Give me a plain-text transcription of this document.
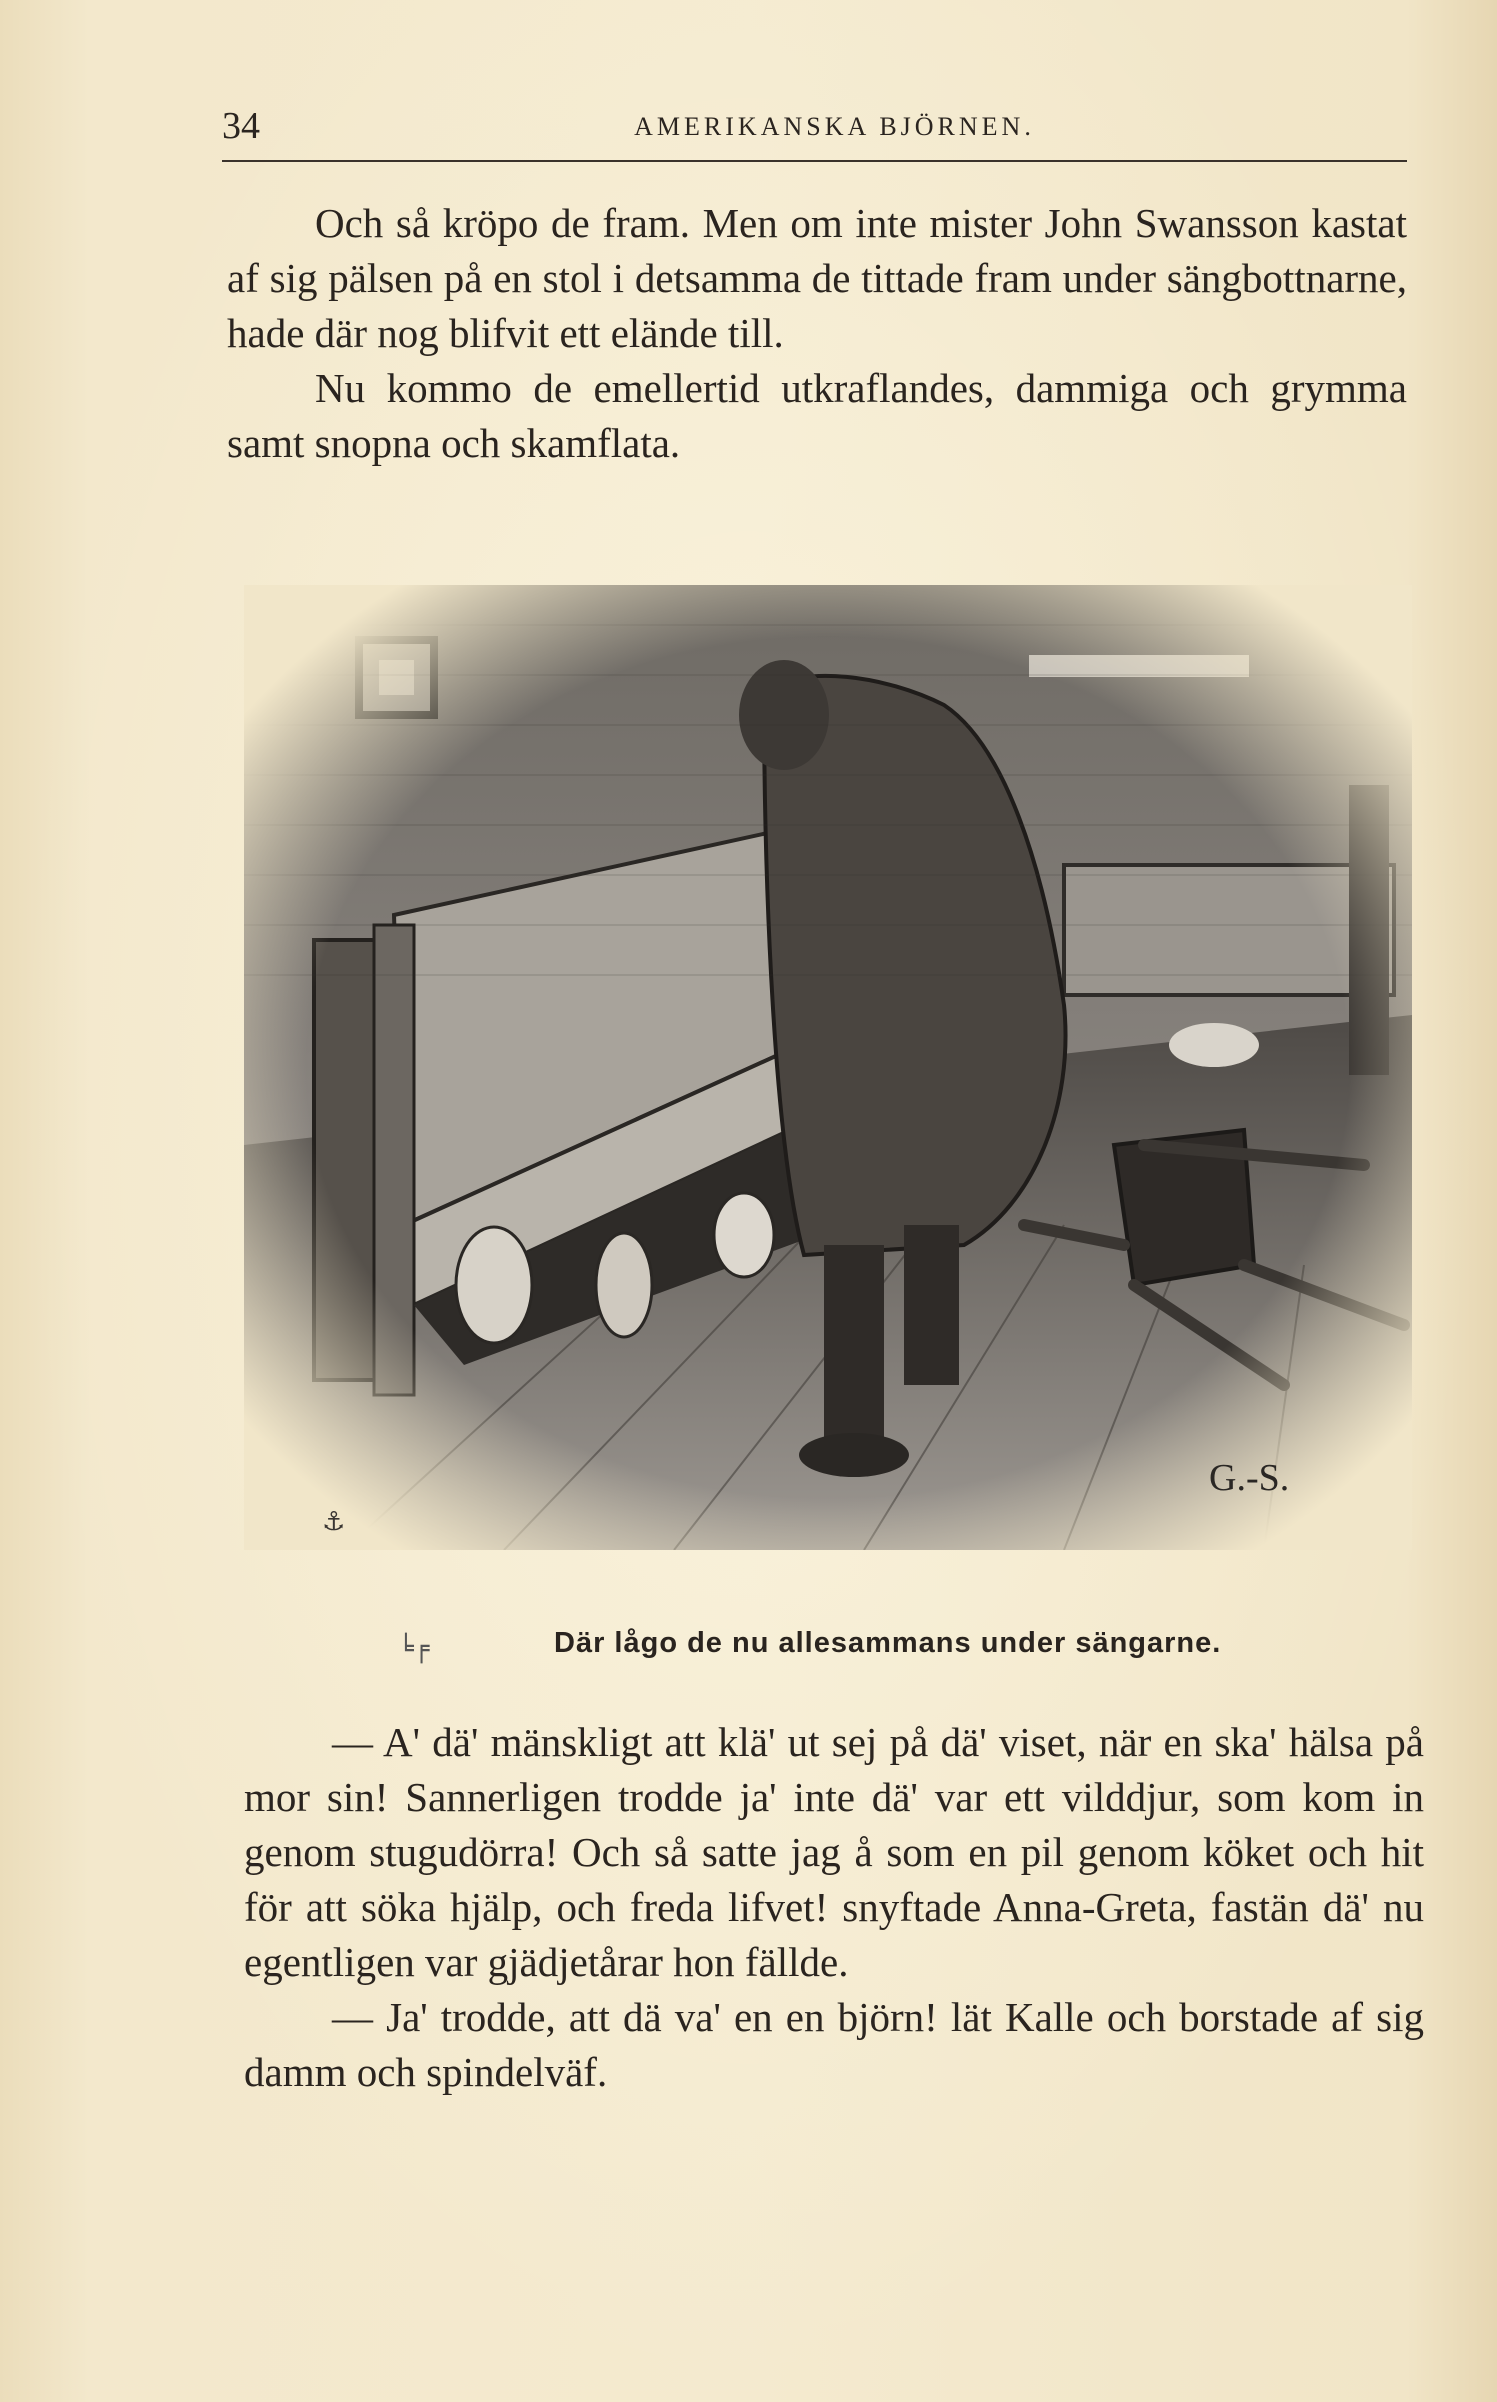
34	AMERIKANSKA BJÖRNEN.

Och så kröpo de fram. Men om inte mister John Swansson kastat af sig pälsen på en stol i detsamma de tittade fram under sängbottnarne, hade där nog blifvit ett elände till.

Nu kommo de emellertid utkraflandes, dammiga och grymma samt snopna och skamflata.

G.-S.
⚓
╘╒	Där lågo de nu allesammans under sängarne.

— A' dä' mänskligt att klä' ut sej på dä' viset, när en ska' hälsa på mor sin! Sannerligen trodde ja' inte dä' var ett vilddjur, som kom in genom stugudörra! Och så satte jag å som en pil genom köket och hit för att söka hjälp, och freda lifvet! snyftade Anna-Greta, fastän dä' nu egentligen var gjädjetårar hon fällde.

— Ja' trodde, att dä va' en en björn! lät Kalle och borstade af sig damm och spindelväf.
